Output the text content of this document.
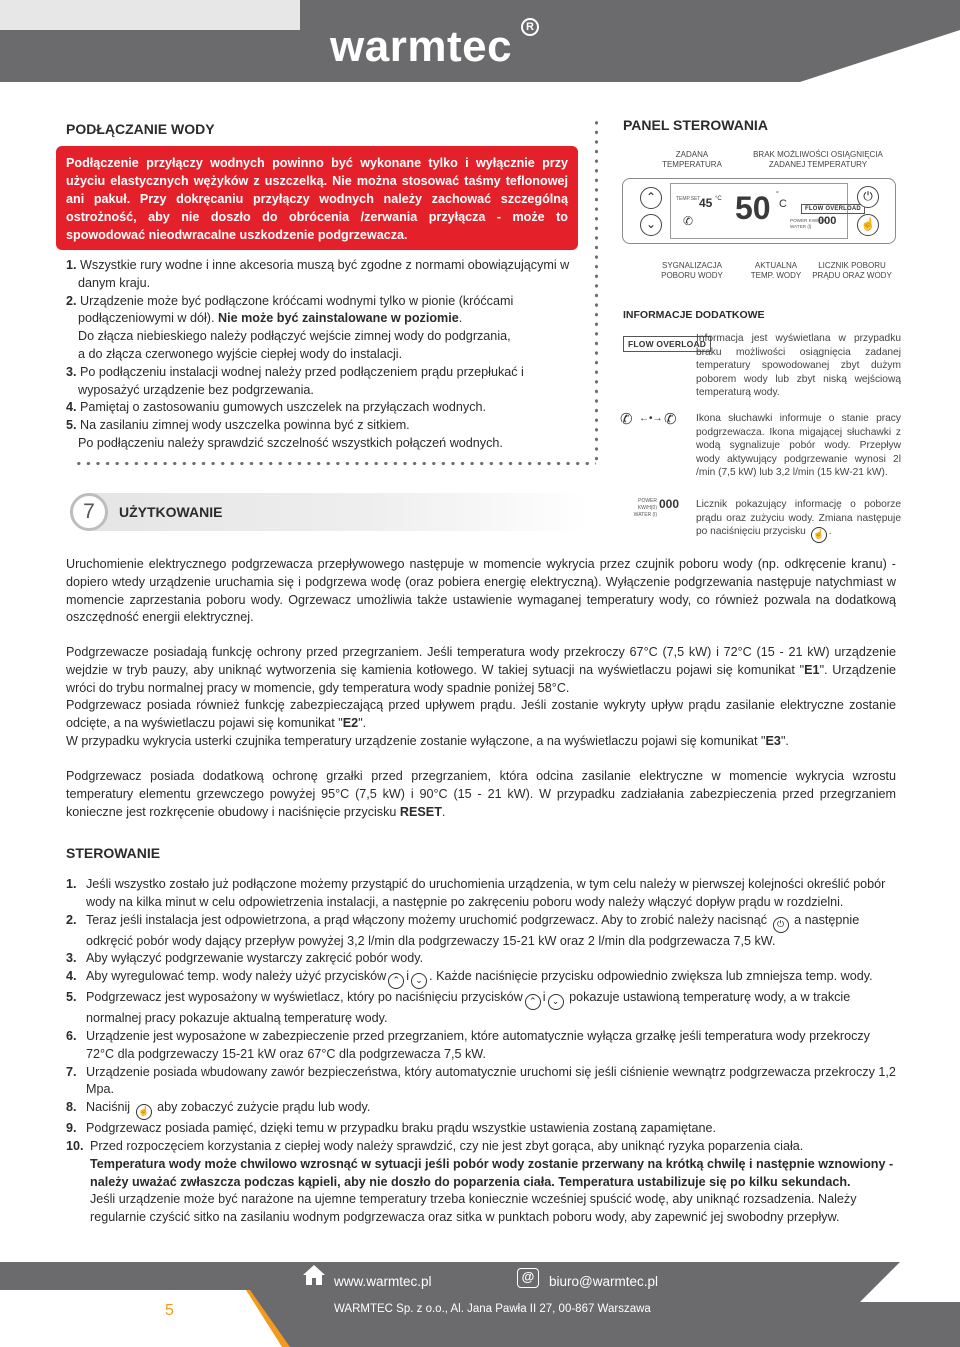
warmtec	R
PODŁĄCZANIE WODY

Podłączenie przyłączy wodnych powinno być wykonane tylko i wyłącznie przy użyciu elastycznych wężyków z uszczelką. Nie można stosować taśmy teflonowej ani pakuł. Przy dokręcaniu przyłączy wodnych należy zachować szczególną ostrożność, aby nie doszło do obrócenia /zerwania przyłącza - może to spowodować nieodwracalne uszkodzenie podgrzewacza.

1. Wszystkie rury wodne i inne akcesoria muszą być zgodne z normami obowiązującymi w danym kraju.
2. Urządzenie może być podłączone króćcami wodnymi tylko w pionie (króćcami podłączeniowymi w dół). Nie może być zainstalowane w poziomie.
Do złącza niebieskiego należy podłączyć wejście zimnej wody do podgrzania,
a do złącza czerwonego wyjście ciepłej wody do instalacji.
3. Po podłączeniu instalacji wodnej należy przed podłączeniem prądu przepłukać i wyposażyć urządzenie bez podgrzewania.
4. Pamiętaj o zastosowaniu gumowych uszczelek na przyłączach wodnych.
5. Na zasilaniu zimnej wody uszczelka powinna być z sitkiem.
Po podłączeniu należy sprawdzić szczelność wszystkich połączeń wodnych.
7	UŻYTKOWANIE
PANEL STEROWANIA
ZADANA
TEMPERATURA
BRAK MOŻLIWOŚCI OSIĄGNIĘCIA
ZADANEJ TEMPERATURY
⌃
⌄
TEMP.SET
45 °C
✆ 50 °
C	FLOW OVERLOAD
POWER KW/H(0)
WATER (l) 000
⏻
☝
SYGNALIZACJA
POBORU WODY
AKTUALNA
TEMP. WODY
LICZNIK POBORU
PRĄDU ORAZ WODY
INFORMACJE DODATKOWE
FLOW OVERLOAD
Informacja jest wyświetlana w przypadku braku możliwości osiągnięcia zadanej temperatury spowodowanej zbyt dużym poborem wody lub zbyt niską wejściową temperaturą wody.
✆ ←•→ ✆ Ikona słuchawki informuje o stanie pracy podgrzewacza. Ikona migającej słuchawki z wodą sygnalizuje pobór wody. Przepływ wody aktywujący podgrzewanie wynosi 2l /min (7,5 kW) lub 3,2 l/min (15 kW-21 kW).
POWER KW/H(0)
WATER (l)
000 Licznik pokazujący informację o poborze prądu oraz zużyciu wody. Zmiana następuje po naciśnięciu przycisku ☝ .
Uruchomienie elektrycznego podgrzewacza przepływowego następuje w momencie wykrycia przez czujnik poboru wody (np. odkręcenie kranu) - dopiero wtedy urządzenie uruchamia się i podgrzewa wodę (oraz pobiera energię elektryczną). Wyłączenie podgrzewania następuje natychmiast w momencie zaprzestania poboru wody. Ogrzewacz umożliwia także ustawienie wymaganej temperatury wody, co również pozwala na dodatkową oszczędność energii elektrycznej.
Podgrzewacze posiadają funkcję ochrony przed przegrzaniem. Jeśli temperatura wody przekroczy 67°C (7,5 kW) i 72°C (15 - 21 kW) urządzenie wejdzie w tryb pauzy, aby uniknąć wytworzenia się kamienia kotłowego. W takiej sytuacji na wyświetlaczu pojawi się komunikat "E1". Urządzenie wróci do trybu normalnej pracy w momencie, gdy temperatura wody spadnie poniżej 58°C.
Podgrzewacz posiada również funkcję zabezpieczającą przed upływem prądu. Jeśli zostanie wykryty upływ prądu zasilanie elektryczne zostanie odcięte, a na wyświetlaczu pojawi się komunikat "E2".
W przypadku wykrycia usterki czujnika temperatury urządzenie zostanie wyłączone, a na wyświetlaczu pojawi się komunikat "E3".
Podgrzewacz posiada dodatkową ochronę grzałki przed przegrzaniem, która odcina zasilanie elektryczne w momencie wykrycia wzrostu temperatury elementu grzewczego powyżej 95°C (7,5 kW) i 90°C (15 - 21 kW). W przypadku zadziałania zabezpieczenia przed przegrzaniem konieczne jest rozkręcenie obudowy i naciśnięcie przycisku RESET.
STEROWANIE
1. Jeśli wszystko zostało już podłączone możemy przystąpić do uruchomienia urządzenia, w tym celu należy w pierwszej kolejności określić pobór wody na kilka minut w celu odpowietrzenia instalacji, a następnie po zakręceniu poboru wody należy włączyć dopływ prądu w rozdzielni.
2. Teraz jeśli instalacja jest odpowietrzona, a prąd włączony możemy uruchomić podgrzewacz. Aby to zrobić należy nacisnąć ⏻ a następnie odkręcić pobór wody dający przepływ powyżej 3,2 l/min dla podgrzewaczy 15-21 kW oraz 2 l/min dla podgrzewacza 7,5 kW.
3. Aby wyłączyć podgrzewanie wystarczy zakręcić pobór wody.
4. Aby wyregulować temp. wody należy użyć przycisków ⌃ i ⌄ . Każde naciśnięcie przycisku odpowiednio zwiększa lub zmniejsza temp. wody.
5. Podgrzewacz jest wyposażony w wyświetlacz, który po naciśnięciu przycisków ⌃ i ⌄ pokazuje ustawioną temperaturę wody, a w trakcie normalnej pracy pokazuje aktualną temperaturę wody.
6. Urządzenie jest wyposażone w zabezpieczenie przed przegrzaniem, które automatycznie wyłącza grzałkę jeśli temperatura wody przekroczy 72°C dla podgrzewaczy 15-21 kW oraz 67°C dla podgrzewacza 7,5 kW.
7. Urządzenie posiada wbudowany zawór bezpieczeństwa, który automatycznie uruchomi się jeśli ciśnienie wewnątrz podgrzewacza przekroczy 1,2 Mpa.
8. Naciśnij ☝ aby zobaczyć zużycie prądu lub wody.
9. Podgrzewacz posiada pamięć, dzięki temu w przypadku braku prądu wszystkie ustawienia zostaną zapamiętane.
10. Przed rozpoczęciem korzystania z ciepłej wody należy sprawdzić, czy nie jest zbyt gorąca, aby uniknąć ryzyka poparzenia ciała.
Temperatura wody może chwilowo wzrosnąć w sytuacji jeśli pobór wody zostanie przerwany na krótką chwilę i następnie wznowiony - należy uważać zwłaszcza podczas kąpieli, aby nie doszło do poparzenia ciała. Temperatura ustabilizuje się po kilku sekundach.
Jeśli urządzenie może być narażone na ujemne temperatury trzeba koniecznie wcześniej spuścić wodę, aby uniknąć rozsadzenia. Należy regularnie czyścić sitko na zasilaniu wodnym podgrzewacza oraz sitka w punktach poboru wody, aby zapewnić jej swobodny przepływ.
5
www.warmtec.pl	@	biuro@warmtec.pl
WARMTEC Sp. z o.o., Al. Jana Pawła II 27, 00-867 Warszawa
